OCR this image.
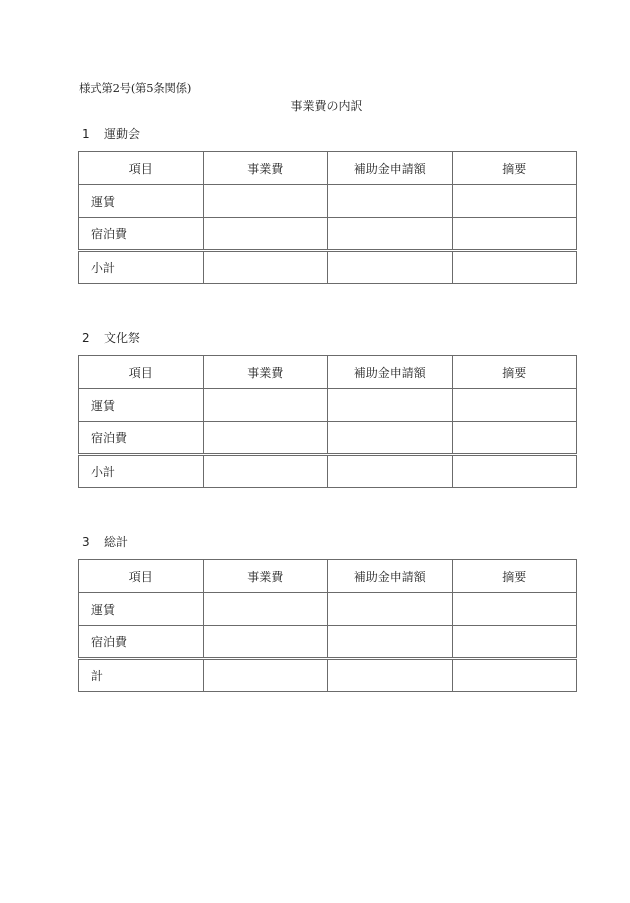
様式第2号(第5条関係)
事業費の内訳
1 運動会
項目	事業費	補助金申請額	摘要
運賃			
宿泊費			
小計			
2 文化祭
項目	事業費	補助金申請額	摘要
運賃			
宿泊費			
小計			
3 総計
項目	事業費	補助金申請額	摘要
運賃			
宿泊費			
計			
